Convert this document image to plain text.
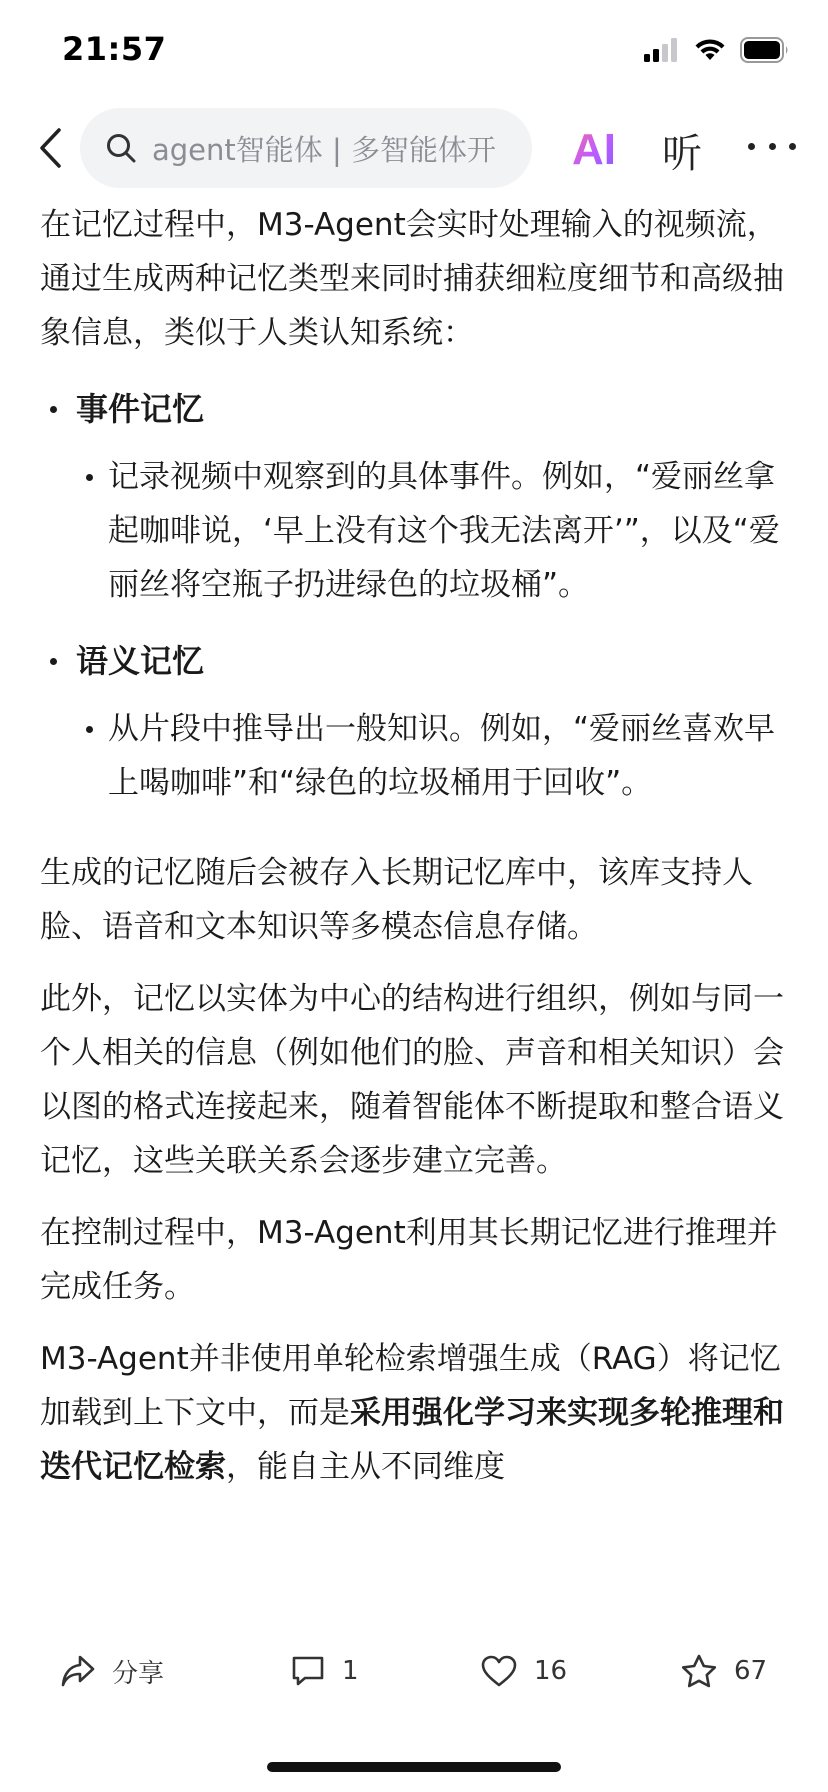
21:57
agent智能体 | 多智能体开 AI 听

在记忆过程中，M3-Agent会实时处理输入的视频流，通过生成两种记忆类型来同时捕获细粒度细节和高级抽象信息，类似于人类认知系统：

事件记忆
记录视频中观察到的具体事件。例如，“爱丽丝拿起咖啡说，‘早上没有这个我无法离开’”，以及“爱丽丝将空瓶子扔进绿色的垃圾桶”。
语义记忆
从片段中推导出一般知识。例如，“爱丽丝喜欢早上喝咖啡”和“绿色的垃圾桶用于回收”。

生成的记忆随后会被存入长期记忆库中，该库支持人脸、语音和文本知识等多模态信息存储。

此外，记忆以实体为中心的结构进行组织，例如与同一个人相关的信息（例如他们的脸、声音和相关知识）会以图的格式连接起来，随着智能体不断提取和整合语义记忆，这些关联关系会逐步建立完善。

在控制过程中，M3-Agent利用其长期记忆进行推理并完成任务。

M3-Agent并非使用单轮检索增强生成（RAG）将记忆加载到上下文中，而是采用强化学习来实现多轮推理和迭代记忆检索，能自主从不同维度

分享	1	16	67
